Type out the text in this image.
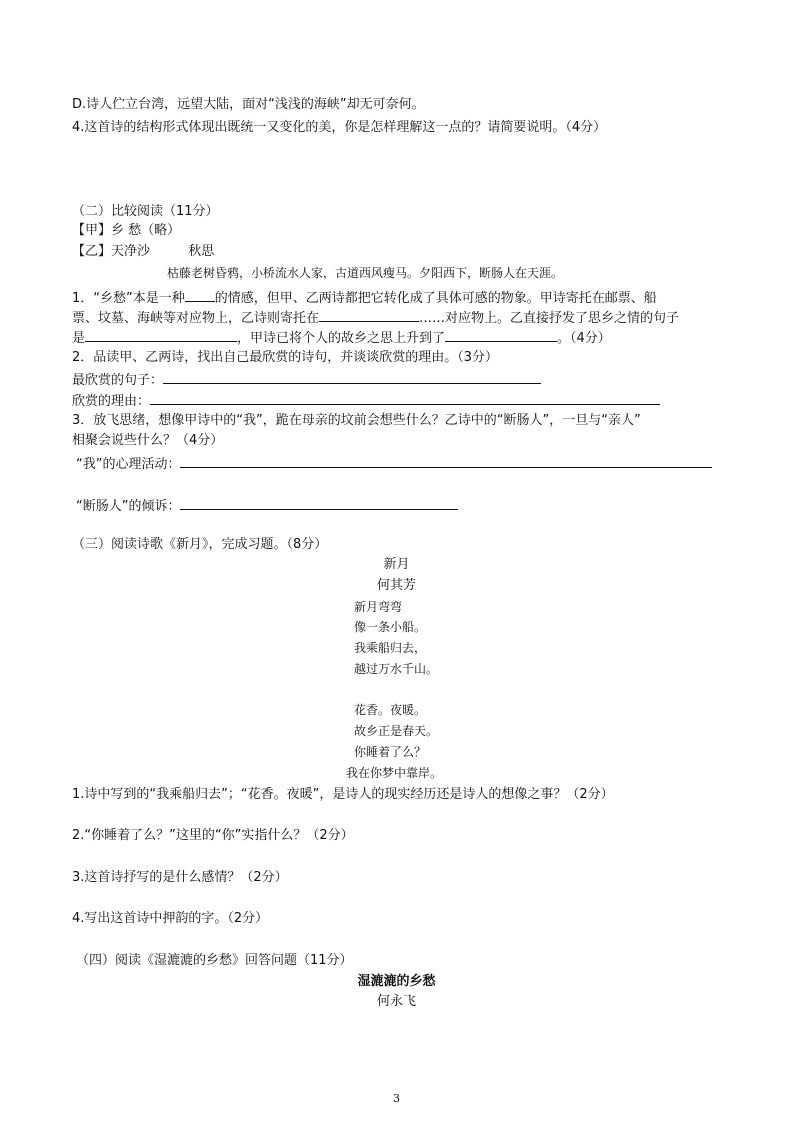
D.诗人伫立台湾，远望大陆，面对“浅浅的海峡”却无可奈何。
4.这首诗的结构形式体现出既统一又变化的美，你是怎样理解这一点的？请简要说明。（4分）
（二）比较阅读（11分）
【甲】乡 愁（略）
【乙】天净沙	秋思
枯藤老树昏鸦，小桥流水人家，古道西风瘦马。夕阳西下，断肠人在天涯。
1．“乡愁”本是一种 的情感，但甲、乙两诗都把它转化成了具体可感的物象。甲诗寄托在邮票、船
票、坟墓、海峡等对应物上，乙诗则寄托在	……对应物上。乙直接抒发了思乡之情的句子
是	，甲诗已将个人的故乡之思上升到了	。（4分）
2．品读甲、乙两诗，找出自己最欣赏的诗句，并谈谈欣赏的理由。（3分）
最欣赏的句子：
欣赏的理由：
3．放飞思绪，想像甲诗中的“我”，跪在母亲的坟前会想些什么？乙诗中的“断肠人”，一旦与“亲人”
相聚会说些什么？（4分）
“我”的心理活动：
“断肠人”的倾诉：
（三）阅读诗歌《新月》，完成习题。（8分）
新月
何其芳
新月弯弯
像一条小船。
我乘船归去，
越过万水千山。
花香。夜暖。
故乡正是春天。
你睡着了么？
我在你梦中靠岸。
1.诗中写到的“我乘船归去”；“花香。夜暖”，是诗人的现实经历还是诗人的想像之事？（2分）
2.“你睡着了么？”这里的“你”实指什么？（2分）
3.这首诗抒写的是什么感情？（2分）
4.写出这首诗中押韵的字。（2分）
（四）阅读《湿漉漉的乡愁》回答问题（11分）
湿漉漉的乡愁
何永飞
3
